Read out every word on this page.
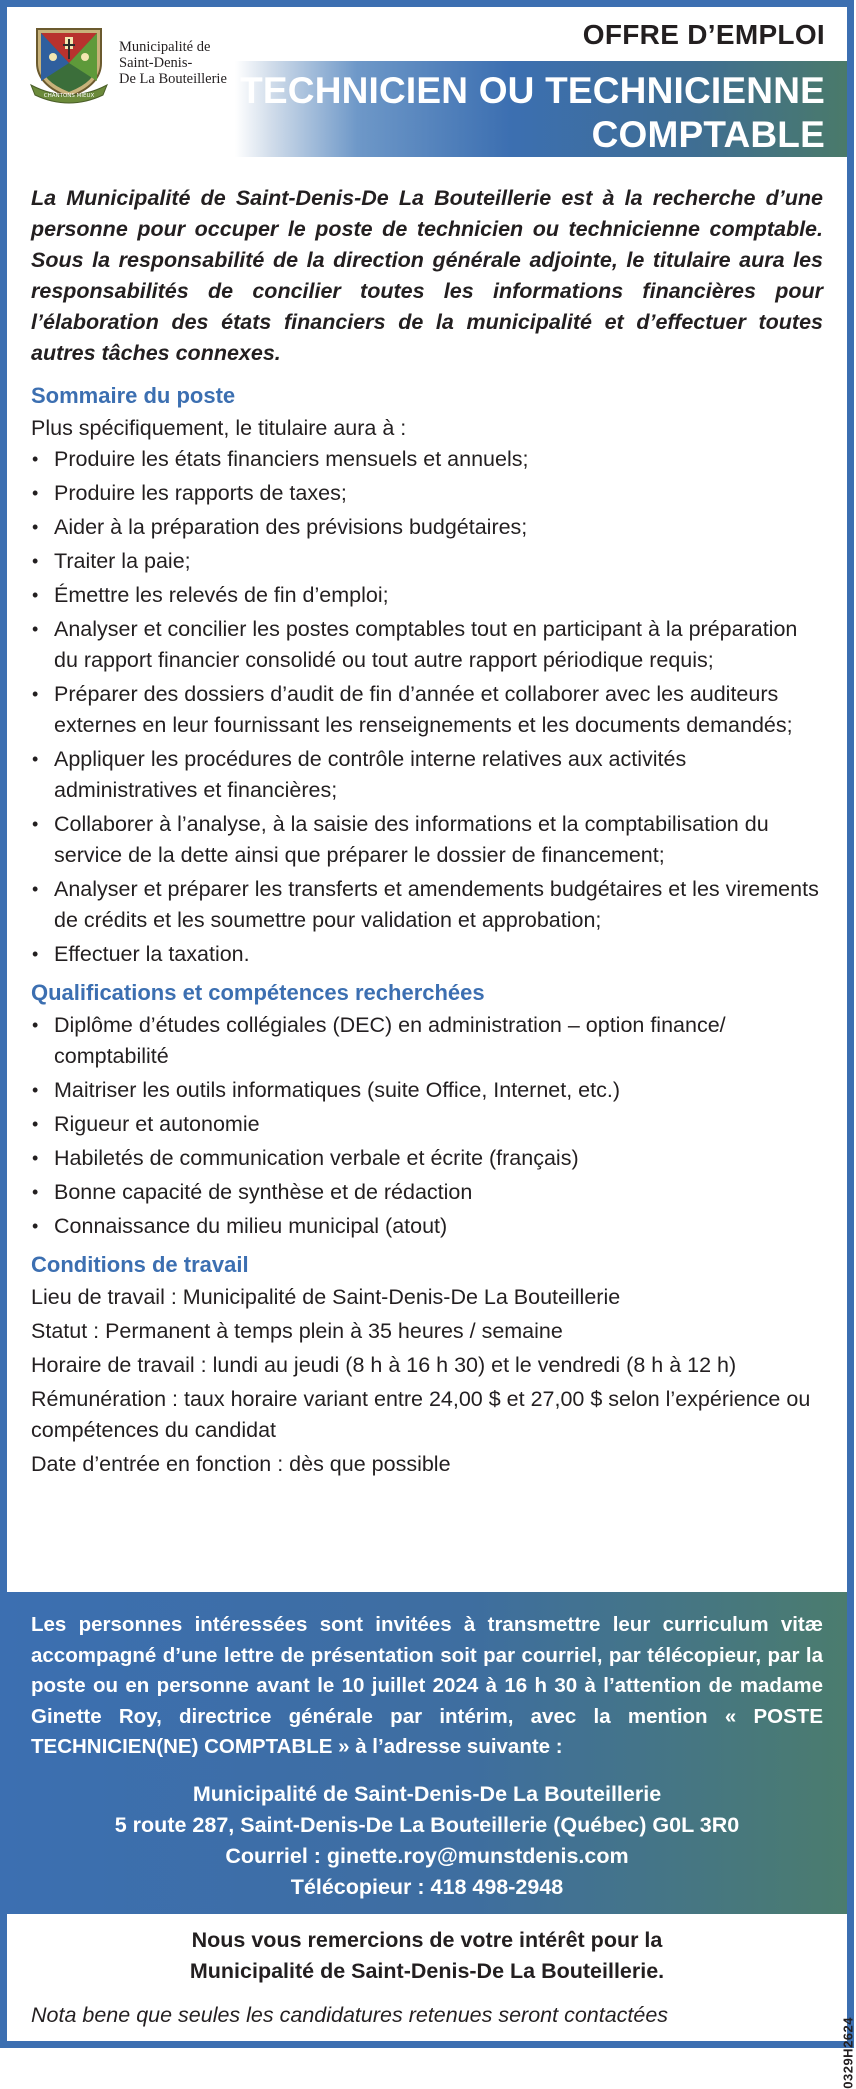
CHANTONS MIEUX
Municipalité de
Saint-Denis-
De La Bouteillerie
OFFRE D’EMPLOI
TECHNICIEN OU TECHNICIENNE
COMPTABLE

La Municipalité de Saint-Denis-De La Bouteillerie est à la recherche d’une personne pour occuper le poste de technicien ou technicienne comptable. Sous la responsabilité de la direction générale adjointe, le titulaire aura les responsabilités de concilier toutes les informations financières pour l’élaboration des états financiers de la municipalité et d’effectuer toutes autres tâches connexes.

Sommaire du poste

Plus spécifiquement, le titulaire aura à :

• Produire les états financiers mensuels et annuels;
• Produire les rapports de taxes;
• Aider à la préparation des prévisions budgétaires;
• Traiter la paie;
• Émettre les relevés de fin d’emploi;
• Analyser et concilier les postes comptables tout en participant à la préparation du rapport financier consolidé ou tout autre rapport périodique requis;
• Préparer des dossiers d’audit de fin d’année et collaborer avec les auditeurs externes en leur fournissant les renseignements et les documents demandés;
• Appliquer les procédures de contrôle interne relatives aux activités administratives et financières;
• Collaborer à l’analyse, à la saisie des informations et la comptabilisation du service de la dette ainsi que préparer le dossier de financement;
• Analyser et préparer les transferts et amendements budgétaires et les virements de crédits et les soumettre pour validation et approbation;
• Effectuer la taxation.
Qualifications et compétences recherchées
• Diplôme d’études collégiales (DEC) en administration – option finance/ comptabilité
• Maitriser les outils informatiques (suite Office, Internet, etc.)
• Rigueur et autonomie
• Habiletés de communication verbale et écrite (français)
• Bonne capacité de synthèse et de rédaction
• Connaissance du milieu municipal (atout)
Conditions de travail

Lieu de travail : Municipalité de Saint-Denis-De La Bouteillerie

Statut : Permanent à temps plein à 35 heures / semaine

Horaire de travail : lundi au jeudi (8 h à 16 h 30) et le vendredi (8 h à 12 h)

Rémunération : taux horaire variant entre 24,00 $ et 27,00 $ selon l’expérience ou compétences du candidat

Date d’entrée en fonction : dès que possible

Les personnes intéressées sont invitées à transmettre leur curriculum vitæ accompagné d’une lettre de présentation soit par courriel, par télécopieur, par la poste ou en personne avant le 10 juillet 2024 à 16 h 30 à l’attention de madame Ginette Roy, directrice générale par intérim, avec la mention « POSTE TECHNICIEN(NE) COMPTABLE » à l’adresse suivante :

Municipalité de Saint-Denis-De La Bouteillerie
5 route 287, Saint-Denis-De La Bouteillerie (Québec) G0L 3R0
Courriel : ginette.roy@munstdenis.com
Télécopieur : 418 498-2948
Nous vous remercions de votre intérêt pour la
Municipalité de Saint-Denis-De La Bouteillerie.
Nota bene que seules les candidatures retenues seront contactées
0329H2624
